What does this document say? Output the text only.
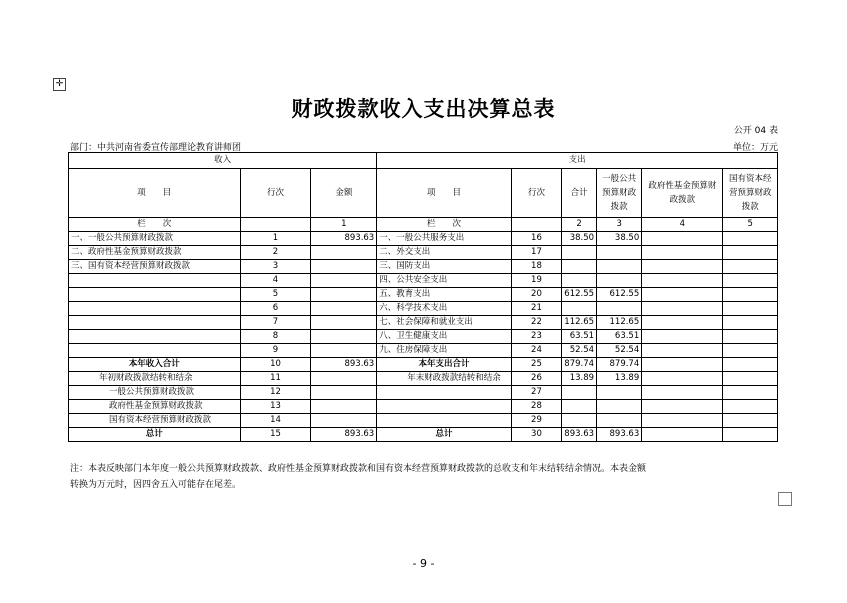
✛
财政拨款收入支出决算总表
公开 04 表
部门：中共河南省委宣传部理论教育讲师团	单位：万元
收入			支出					
项　　目	行次	金额	项　　目	行次	合计	一般公共预算财政拨款	政府性基金预算财政拨款	国有资本经营预算财政拨款
栏　　次		1	栏　　次		2	3	4	5
一、一般公共预算财政拨款	1	893.63	一、一般公共服务支出	16	38.50	38.50		
二、政府性基金预算财政拨款	2		二、外交支出	17				
三、国有资本经营预算财政拨款	3		三、国防支出	18				
	4		四、公共安全支出	19				
	5		五、教育支出	20	612.55	612.55		
	6		六、科学技术支出	21				
	7		七、社会保障和就业支出	22	112.65	112.65		
	8		八、卫生健康支出	23	63.51	63.51		
	9		九、住房保障支出	24	52.54	52.54		
本年收入合计	10	893.63	本年支出合计	25	879.74	879.74		
年初财政拨款结转和结余	11		年末财政拨款结转和结余	26	13.89	13.89		
一般公共预算财政拨款	12			27				
政府性基金预算财政拨款	13			28				
国有资本经营预算财政拨款	14			29				
总计	15	893.63	总计	30	893.63	893.63		
注：本表反映部门本年度一般公共预算财政拨款、政府性基金预算财政拨款和国有资本经营预算财政拨款的总收支和年末结转结余情况。本表金额
转换为万元时，因四舍五入可能存在尾差。
- 9 -
